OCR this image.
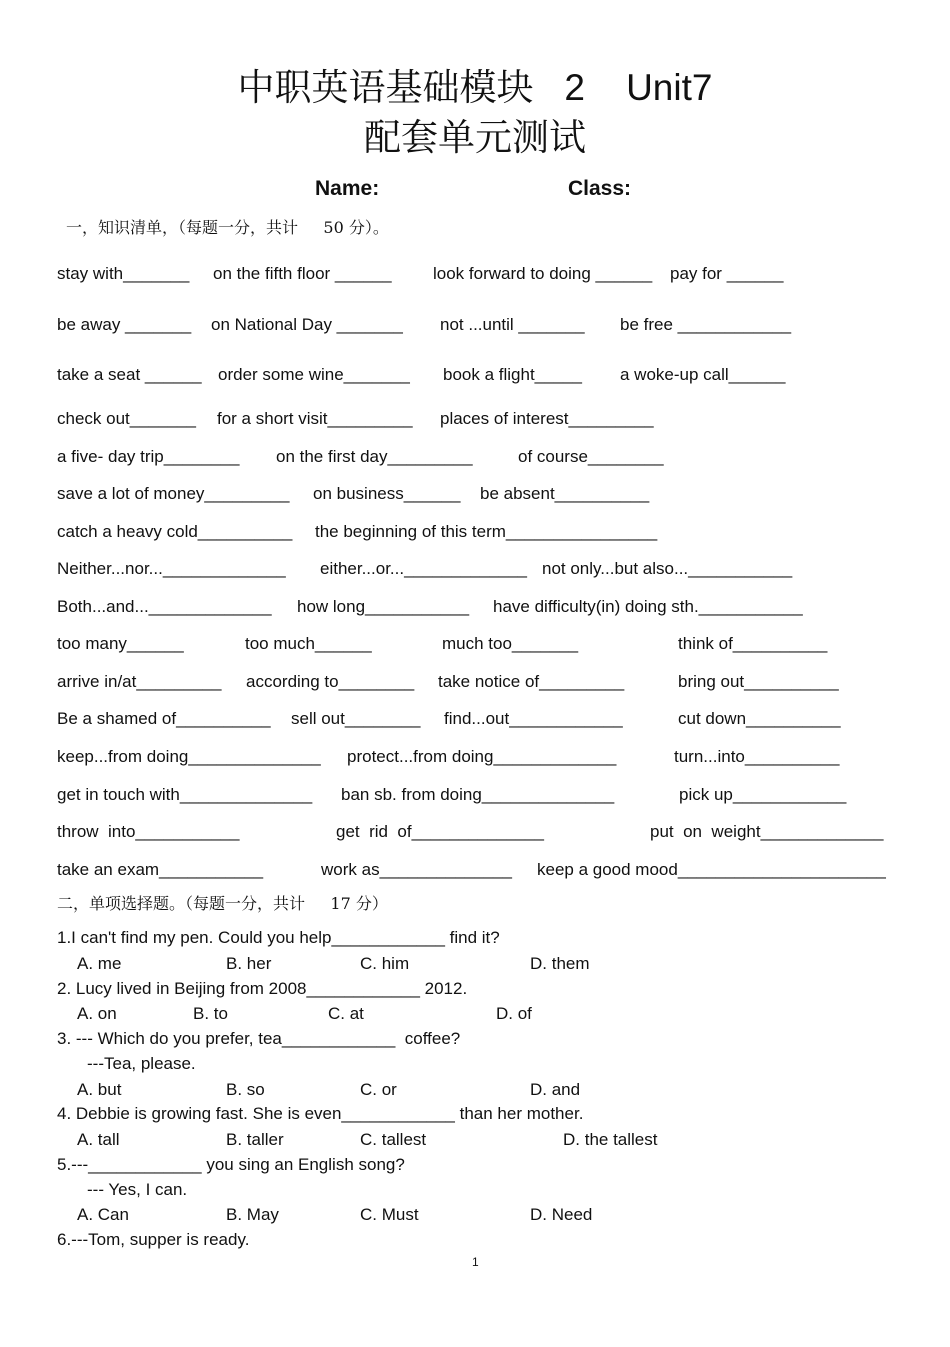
中职英语基础模块   2    Unit7
配套单元测试
Name:	Class:
一，知识清单，（每题一分，共计     50 分）。
stay with_______ on the fifth floor ______ look forward to doing ______ pay for ______
be away _______ on National Day _______ not ...until _______ be free ____________
take a seat ______ order some wine_______ book a flight_____ a woke-up call______
check out_______ for a short visit_________ places of interest_________
a five- day trip________ on the first day_________	of course________
save a lot of money_________ on business______ be absent__________
catch a heavy cold__________ the beginning of this term________________
Neither...nor..._____________ either...or..._____________ not only...but also...___________
Both...and..._____________ how long___________ have difficulty(in) doing sth.___________
too many______	too much______	much too_______	think of__________
arrive in/at_________ according to________ take notice of_________	bring out__________
Be a shamed of__________ sell out________ find...out____________	cut down__________
keep...from doing______________ protect...from doing_____________	turn...into__________
get in touch with______________ ban sb. from doing______________	pick up____________
throw  into___________	get  rid  of______________	put  on  weight_____________
take an exam___________	work as______________ keep a good mood______________________
二，单项选择题。（每题一分，共计     17 分）
1.I can't find my pen. Could you help____________ find it?
A. me	B. her	C. him	D. them
2. Lucy lived in Beijing from 2008____________ 2012.
A. on	B. to	C. at	D. of
3. --- Which do you prefer, tea____________  coffee?
---Tea, please.
A. but	B. so	C. or	D. and
4. Debbie is growing fast. She is even____________ than her mother.
A. tall	B. taller	C. tallest	D. the tallest
5.---____________ you sing an English song?
--- Yes, I can.
A. Can	B. May	C. Must	D. Need
6.---Tom, supper is ready.
1
